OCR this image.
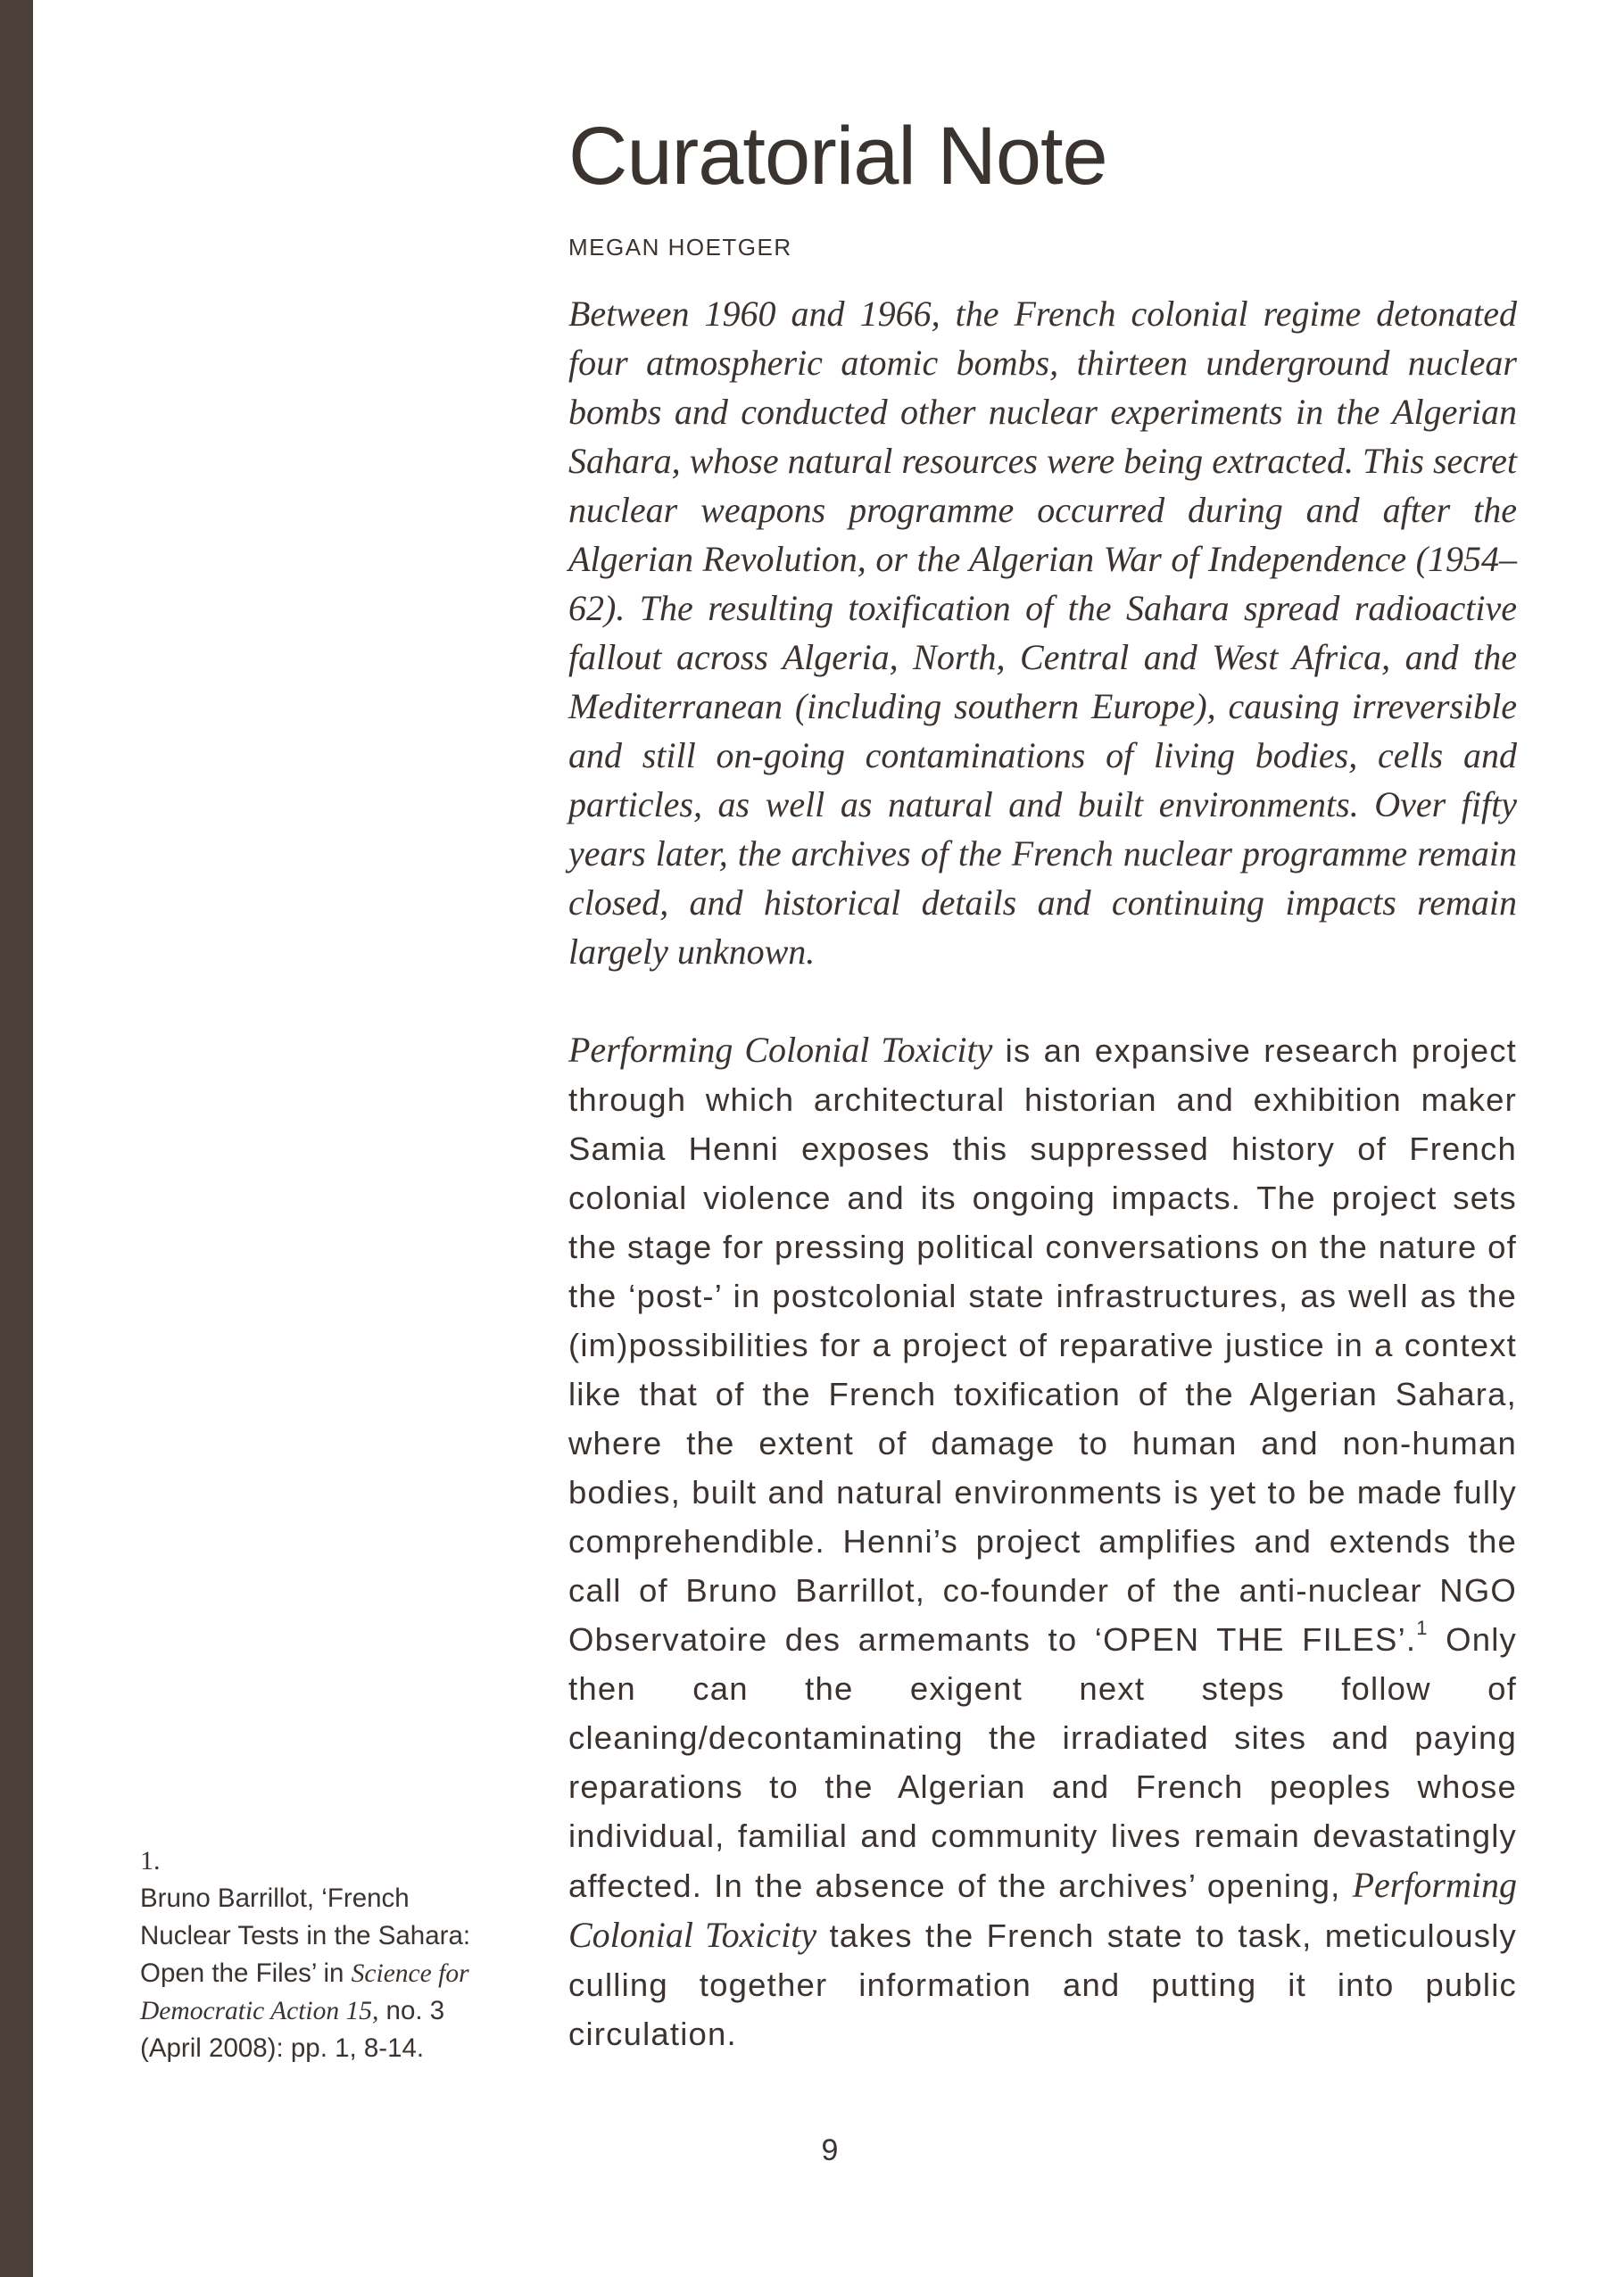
Curatorial Note
MEGAN HOETGER

Between 1960 and 1966, the French colonial regime detonated four atmospheric atomic bombs, thirteen underground nuclear bombs and conducted other nuclear experiments in the Algerian Sahara, whose natural resources were being extracted. This secret nuclear weapons programme occurred during and after the Algerian Revolution, or the Algerian War of Independence (1954–62). The resulting toxification of the Sahara spread radioactive fallout across Algeria, North, Central and West Africa, and the Mediterranean (including southern Europe), causing irreversible and still on-going contaminations of living bodies, cells and particles, as well as natural and built environments. Over fifty years later, the archives of the French nuclear programme remain closed, and historical details and continuing impacts remain largely unknown.

Performing Colonial Toxicity is an expansive research project through which architectural historian and exhibition maker Samia Henni exposes this suppressed history of French colonial violence and its ongoing impacts. The project sets the stage for pressing political conversations on the nature of the ‘post-’ in postcolonial state infrastructures, as well as the (im)possibilities for a project of reparative justice in a context like that of the French toxification of the Algerian Sahara, where the extent of damage to human and non-human bodies, built and natural environments is yet to be made fully comprehendible. Henni’s project amplifies and extends the call of Bruno Barrillot, co-founder of the anti-nuclear NGO Observatoire des armemants to ‘OPEN THE FILES’.$^1$ Only then can the exigent next steps follow of cleaning/decontaminating the irradiated sites and paying reparations to the Algerian and French peoples whose individual, familial and community lives remain devastatingly affected. In the absence of the archives’ opening, Performing Colonial Toxicity takes the French state to task, meticulously culling together information and putting it into public circulation.

1.
Bruno Barrillot, ‘French Nuclear Tests in the Sahara: Open the Files’ in Science for Democratic Action 15, no. 3 (April 2008): pp. 1, 8-14.
9
